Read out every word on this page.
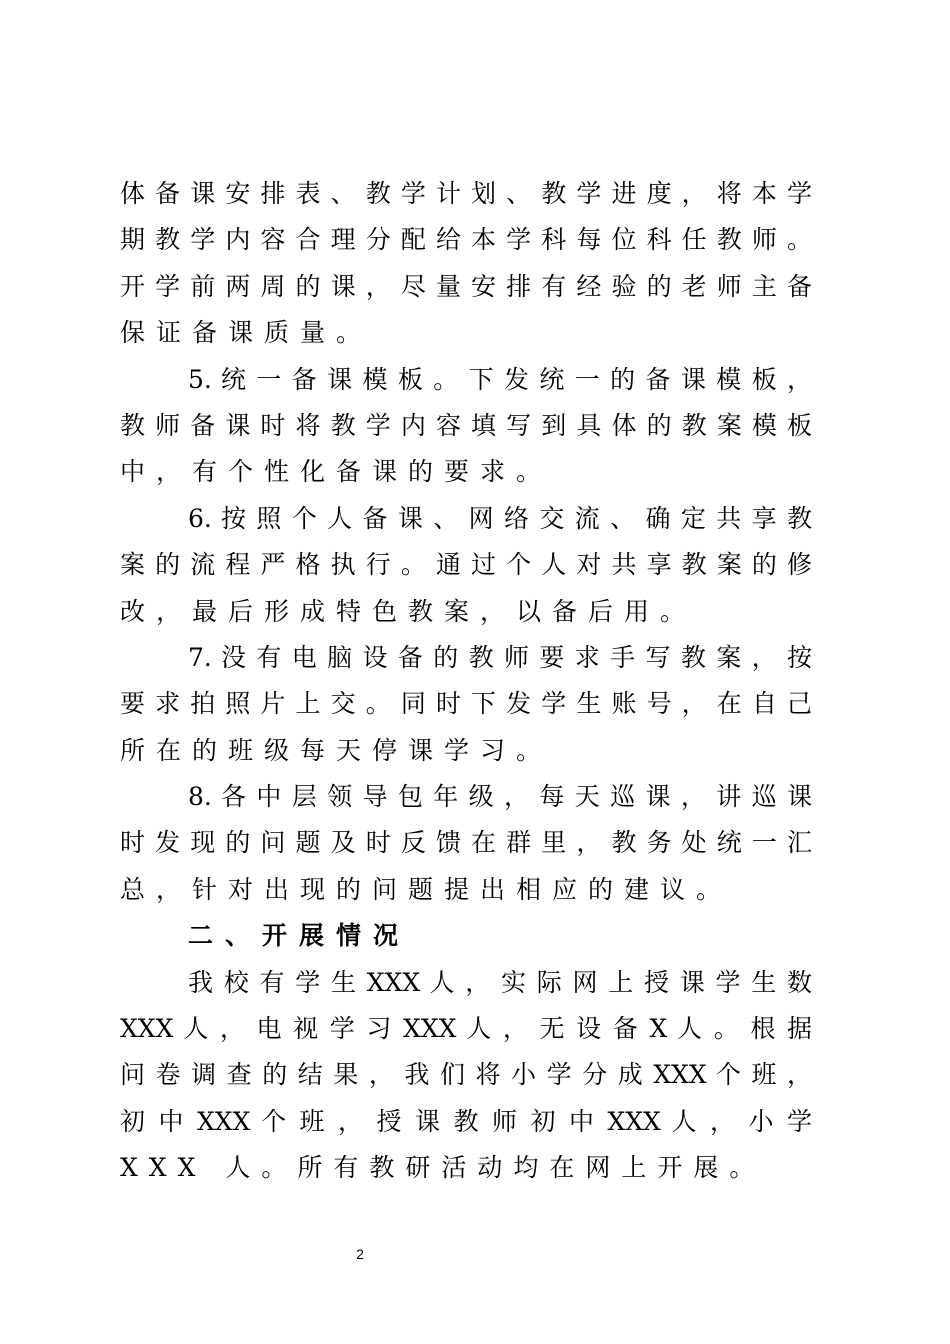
体 备 课 安 排 表 、 教 学 计 划 、 教 学 进 度 ， 将 本 学
期 教 学 内 容 合 理 分 配 给 本 学 科 每 位 科 任 教 师 。
开 学 前 两 周 的 课 ， 尽 量 安 排 有 经 验 的 老 师 主 备
保证备课质量。
5. 统 一 备 课 模 板 。 下 发 统 一 的 备 课 模 板 ，
教 师 备 课 时 将 教 学 内 容 填 写 到 具 体 的 教 案 模 板
中，有个性化备课的要求。
6. 按 照 个 人 备 课 、 网 络 交 流 、 确 定 共 享 教
案 的 流 程 严 格 执 行 。 通 过 个 人 对 共 享 教 案 的 修
改，最后形成特色教案，以备后用。
7. 没 有 电 脑 设 备 的 教 师 要 求 手 写 教 案 ， 按
要 求 拍 照 片 上 交 。 同 时 下 发 学 生 账 号 ， 在 自 己
所在的班级每天停课学习。
8. 各 中 层 领 导 包 年 级 ， 每 天 巡 课 ， 讲 巡 课
时 发 现 的 问 题 及 时 反 馈 在 群 里 ， 教 务 处 统 一 汇
总，针对出现的问题提出相应的建议。
二、开展情况
我 校 有 学 生 XXX 人 ， 实 际 网 上 授 课 学 生 数
XXX 人 ， 电 视 学 习 XXX 人 ， 无 设 备 X 人 。 根 据
问 卷 调 查 的 结 果 ， 我 们 将 小 学 分 成 XXX 个 班 ，
初 中 XXX 个 班 ， 授 课 教 师 初 中 XXX 人 ， 小 学
XXX 人。所有教研活动均在网上开展。
2
